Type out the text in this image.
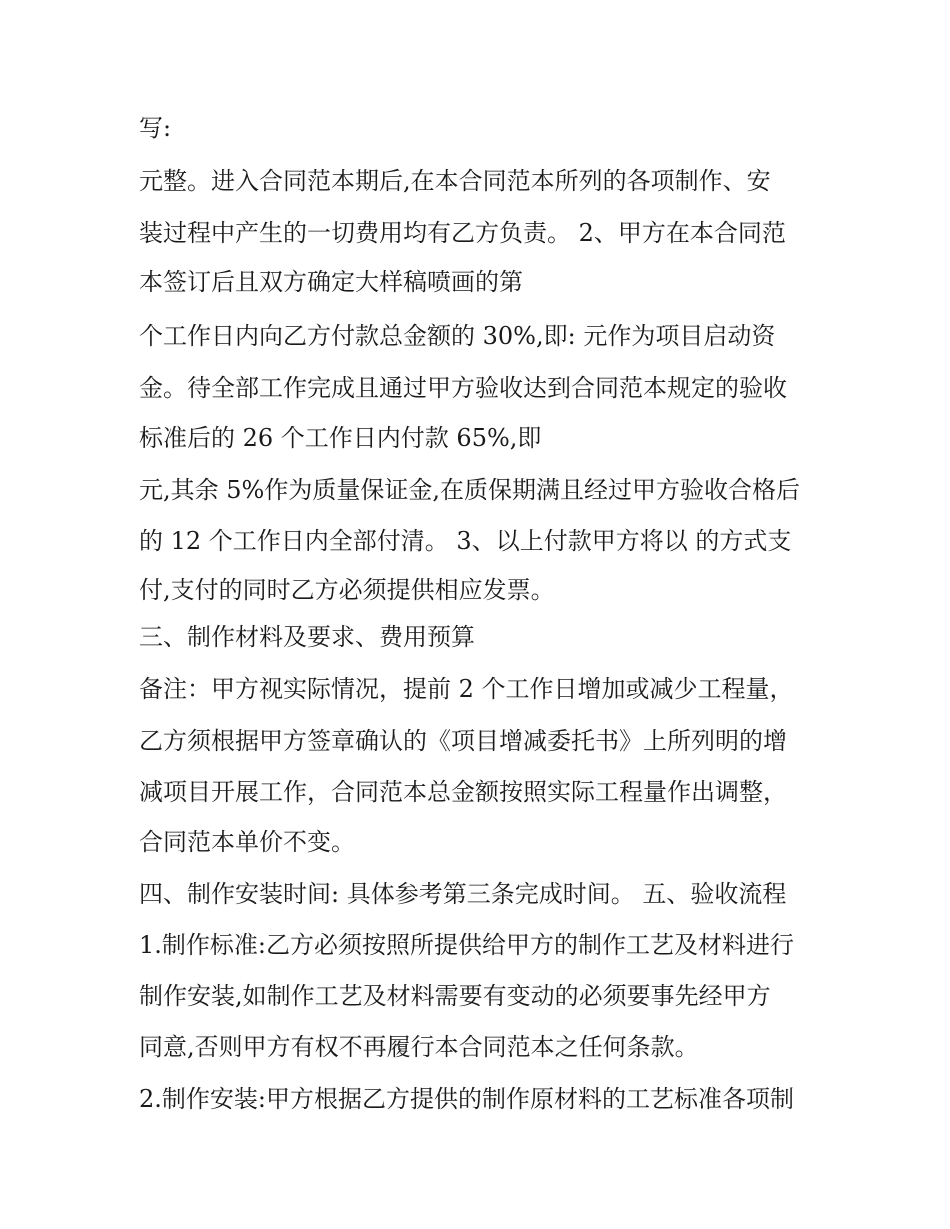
写:
元整。进入合同范本期后,在本合同范本所列的各项制作、安
装过程中产生的一切费用均有乙方负责。 2、甲方在本合同范
本签订后且双方确定大样稿喷画的第
个工作日内向乙方付款总金额的 30%,即: 元作为项目启动资
金。待全部工作完成且通过甲方验收达到合同范本规定的验收
标准后的 26 个工作日内付款 65%,即
元,其余 5%作为质量保证金,在质保期满且经过甲方验收合格后
的 12 个工作日内全部付清。 3、以上付款甲方将以 的方式支
付,支付的同时乙方必须提供相应发票。
三、制作材料及要求、费用预算
备注：甲方视实际情况，提前 2 个工作日增加或减少工程量，
乙方须根据甲方签章确认的《项目增减委托书》上所列明的增
减项目开展工作，合同范本总金额按照实际工程量作出调整，
合同范本单价不变。
四、制作安装时间: 具体参考第三条完成时间。 五、验收流程
1.制作标准:乙方必须按照所提供给甲方的制作工艺及材料进行
制作安装,如制作工艺及材料需要有变动的必须要事先经甲方
同意,否则甲方有权不再履行本合同范本之任何条款。
2.制作安装:甲方根据乙方提供的制作原材料的工艺标准各项制
